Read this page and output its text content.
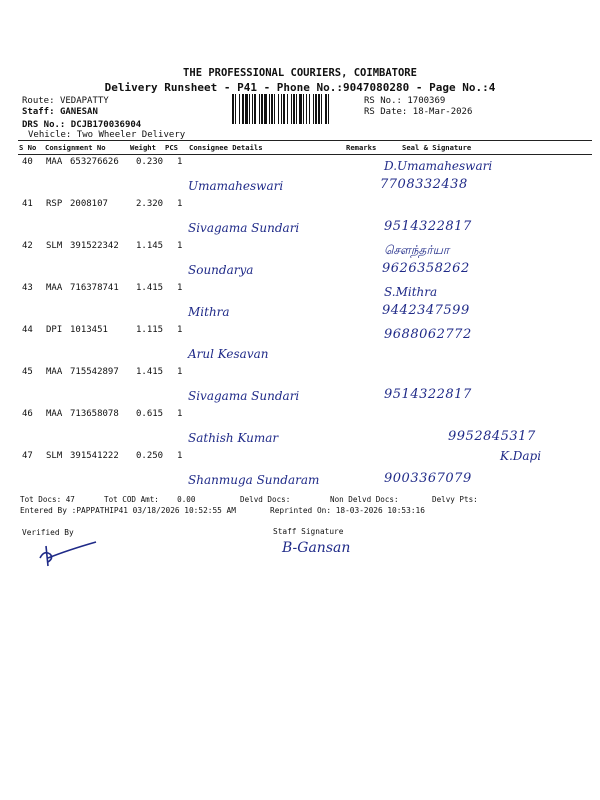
THE PROFESSIONAL COURIERS, COIMBATORE
Delivery Runsheet - P41 - Phone No.:9047080280 - Page No.:4
Route: VEDAPATTY
Staff: GANESAN
DRS No.: DCJB170036904
Vehicle: Two Wheeler Delivery
RS No.: 1700369
RS Date: 18-Mar-2026
S No Consignment No	Weight PCS Consignee Details	Remarks	Seal & Signature
40 MAA 653276626 0.230 1
Umamaheswari
D.Umamaheswari
7708332438
41 RSP 2008107	2.320 1
Sivagama Sundari	9514322817
42 SLM 391522342 1.145 1
Soundarya
சௌந்தர்யா
9626358262
43 MAA 716378741 1.415 1
Mithra
S.Mithra
9442347599
44 DPI 1013451	1.115 1
Arul Kesavan
9688062772
45 MAA 715542897 1.415 1
Sivagama Sundari	9514322817
46 MAA 713658078 0.615 1
Sathish Kumar	9952845317
47 SLM 391541222 0.250 1
Shanmuga Sundaram	9003367079
K.Dapi
Tot Docs: 47	Tot COD Amt:    0.00	Delvd Docs:	Non Delvd Docs:	Delvy Pts:
Entered By :PAPPATHIP41 03/18/2026 10:52:55 AM	Reprinted On: 18-03-2026 10:53:16
Verified By	Staff Signature
B-Gansan
